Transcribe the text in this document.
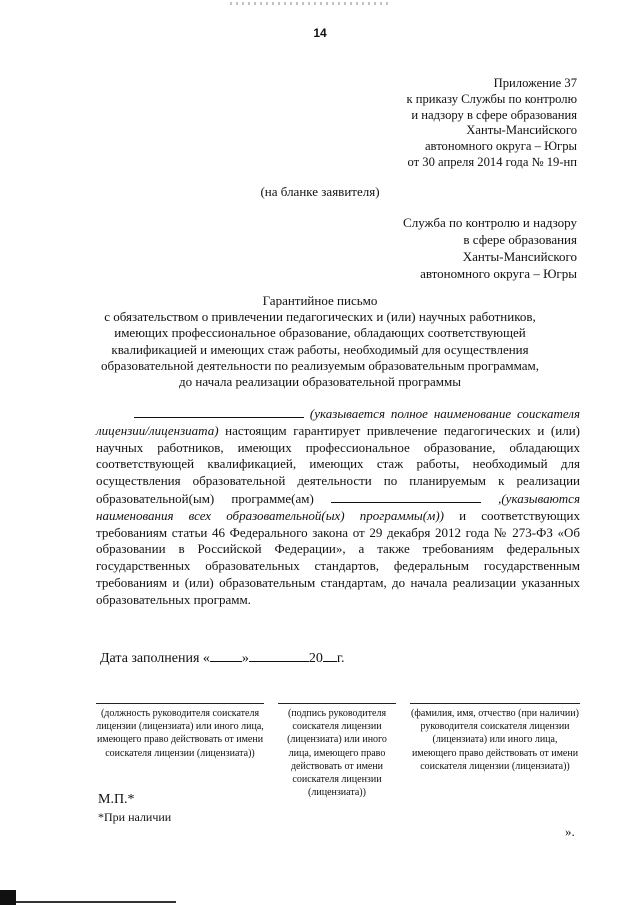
14
Приложение 37
к приказу Службы по контролю
и надзору в сфере образования
Ханты-Мансийского
автономного округа – Югры
от 30 апреля 2014 года № 19-нп
(на бланке заявителя)
Служба по контролю и надзору
в сфере образования
Ханты-Мансийского
автономного округа – Югры
Гарантийное письмо
с обязательством о привлечении педагогических и (или) научных работников,
имеющих профессиональное образование, обладающих соответствующей
квалификацией и имеющих стаж работы, необходимый для осуществления
образовательной деятельности по реализуемым образовательным программам,
до начала реализации образовательной программы
(указывается полное наименование соискателя лицензии/лицензиата) настоящим гарантирует привлечение педагогических и (или) научных работников, имеющих профессиональное образование, обладающих соответствующей квалификацией, имеющих стаж работы, необходимый для осуществления образовательной деятельности по планируемым к реализации образовательной(ым) программе(ам)	,(указываются наименования всех образовательной(ых) программы(м)) и соответствующих требованиям статьи 46 Федерального закона от 29 декабря 2012 года № 273-ФЗ «Об образовании в Российской Федерации», а также требованиям федеральных государственных образовательных стандартов, федеральным государственным требованиям и (или) образовательным стандартам, до начала реализации указанных образовательных программ.
Дата заполнения « »	20 г.
(должность руководителя соискателя лицензии (лицензиата) или иного лица, имеющего право действовать от имени соискателя лицензии (лицензиата))
(подпись руководителя соискателя лицензии (лицензиата) или иного лица, имеющего право действовать от имени соискателя лицензии (лицензиата))
(фамилия, имя, отчество (при наличии) руководителя соискателя лицензии (лицензиата) или иного лица, имеющего право действовать от имени соискателя лицензии (лицензиата))
М.П.*
*При наличии
».
